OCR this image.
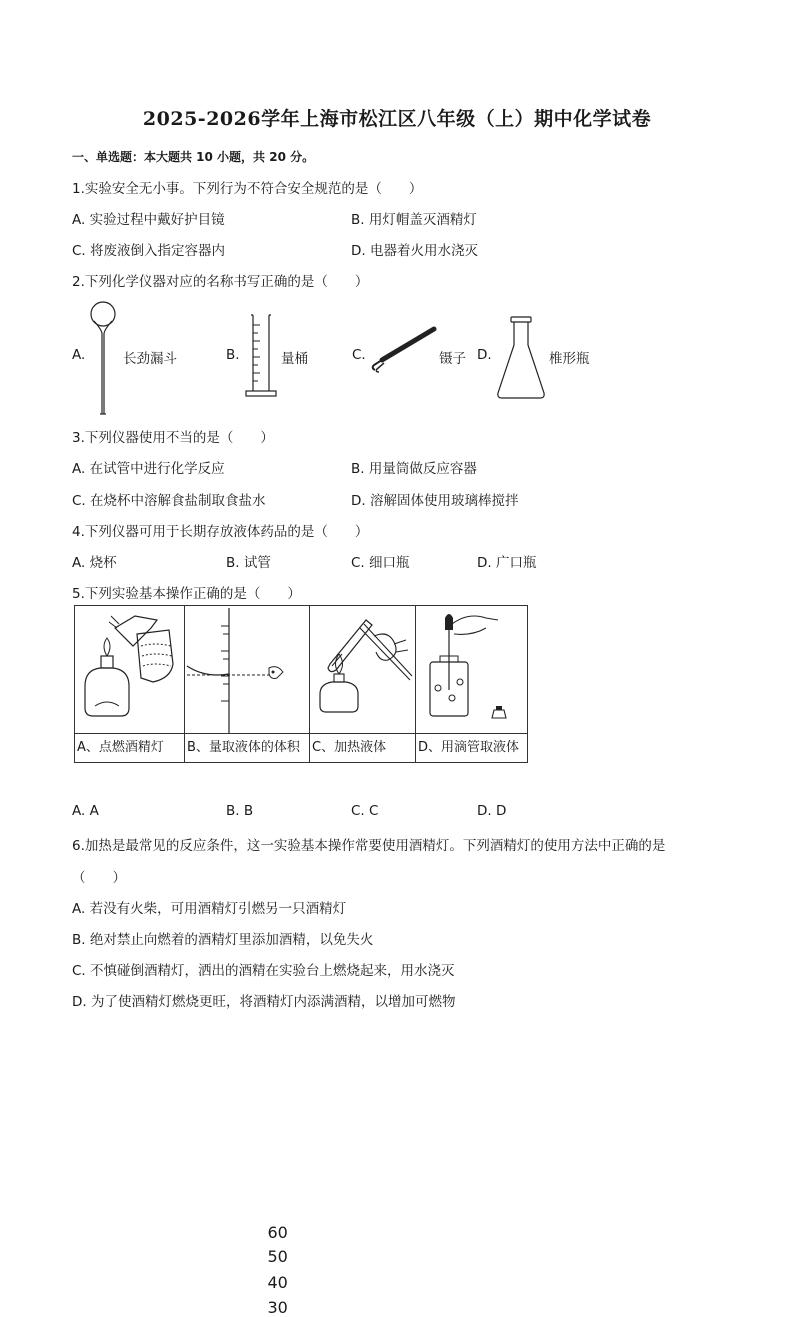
2025-2026学年上海市松江区八年级（上）期中化学试卷
一、单选题：本大题共 10 小题，共 20 分。
1.实验安全无小事。下列行为不符合安全规范的是（　　）
A. 实验过程中戴好护目镜	B. 用灯帽盖灭酒精灯
C. 将废液倒入指定容器内	D. 电器着火用水浇灭
2.下列化学仪器对应的名称书写正确的是（　　）
A.	长劲漏斗	B.	量桶	C.	镊子 D.	椎形瓶
3.下列仪器使用不当的是（　　）
A. 在试管中进行化学反应	B. 用量筒做反应容器
C. 在烧杯中溶解食盐制取食盐水	D. 溶解固体使用玻璃棒搅拌
4.下列仪器可用于长期存放液体药品的是（　　）
A. 烧杯	B. 试管	C. 细口瓶	D. 广口瓶
5.下列实验基本操作正确的是（　　）

60
50
40
30

A、点燃酒精灯	B、量取液体的体积	C、加热液体	D、用滴管取液体
A. A	B. B	C. C	D. D
6.加热是最常见的反应条件，这一实验基本操作常要使用酒精灯。下列酒精灯的使用方法中正确的是
（　　）
A. 若没有火柴，可用酒精灯引燃另一只酒精灯
B. 绝对禁止向燃着的酒精灯里添加酒精，以免失火
C. 不慎碰倒酒精灯，洒出的酒精在实验台上燃烧起来，用水浇灭
D. 为了使酒精灯燃烧更旺，将酒精灯内添满酒精，以增加可燃物
